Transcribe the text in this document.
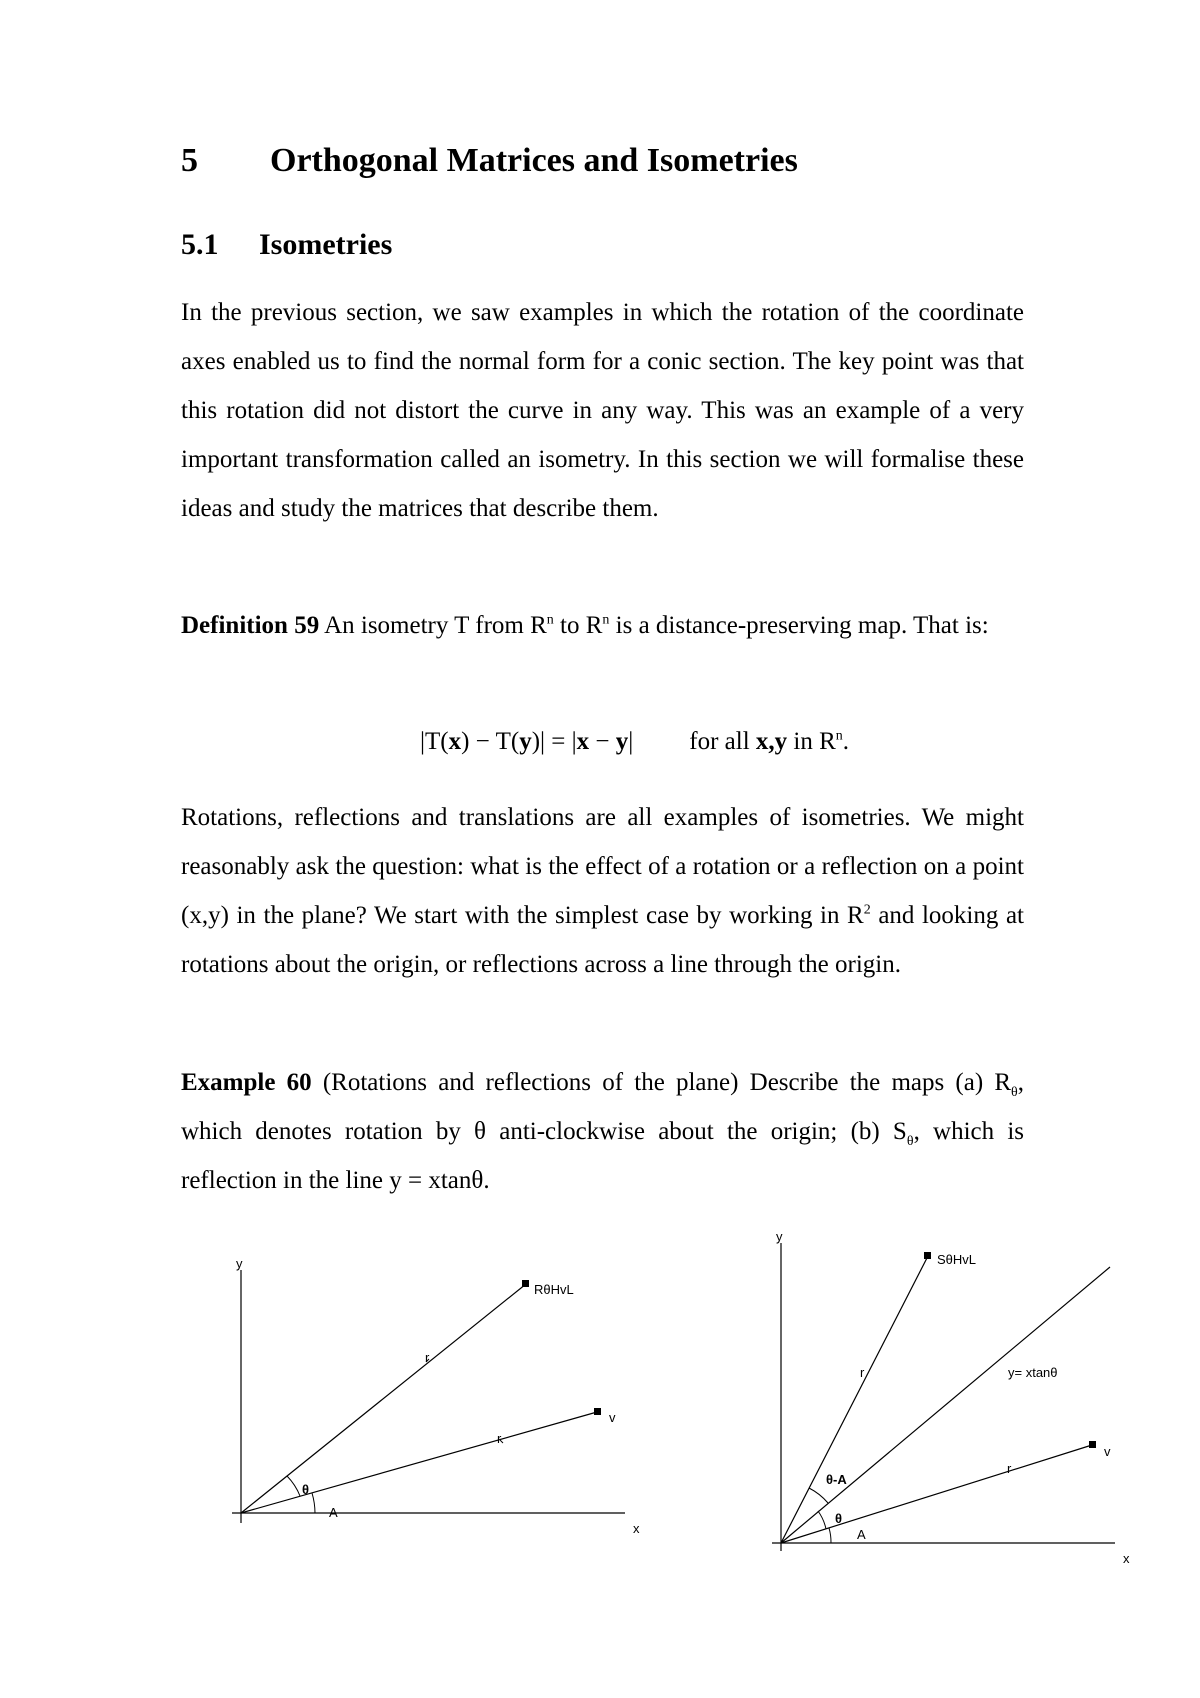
5 Orthogonal Matrices and Isometries
5.1 Isometries

In the previous section, we saw examples in which the rotation of the coordinate axes enabled us to find the normal form for a conic section. The key point was that this rotation did not distort the curve in any way. This was an example of a very important transformation called an isometry. In this section we will formalise these ideas and study the matrices that describe them.

Definition 59 An isometry T from $R^n$ to $R^n$ is a distance-preserving map. That is:

|T(x) − T(y)| = |x − y| for all x,y in $R^n$.

Rotations, reflections and translations are all examples of isometries. We might reasonably ask the question: what is the effect of a rotation or a reflection on a point (x,y) in the plane? We start with the simplest case by working in $R^2$ and looking at rotations about the origin, or reflections across a line through the origin.

Example 60 (Rotations and reflections of the plane) Describe the maps (a) $R_\theta$, which denotes rotation by θ anti-clockwise about the origin; (b) $S_\theta$, which is reflection in the line y = xtanθ.

y
x
v
RθHvL
r
r
θ
A
y
x
v
SθHvL
y= xtanθ
r
r
θ-A
θ
A
